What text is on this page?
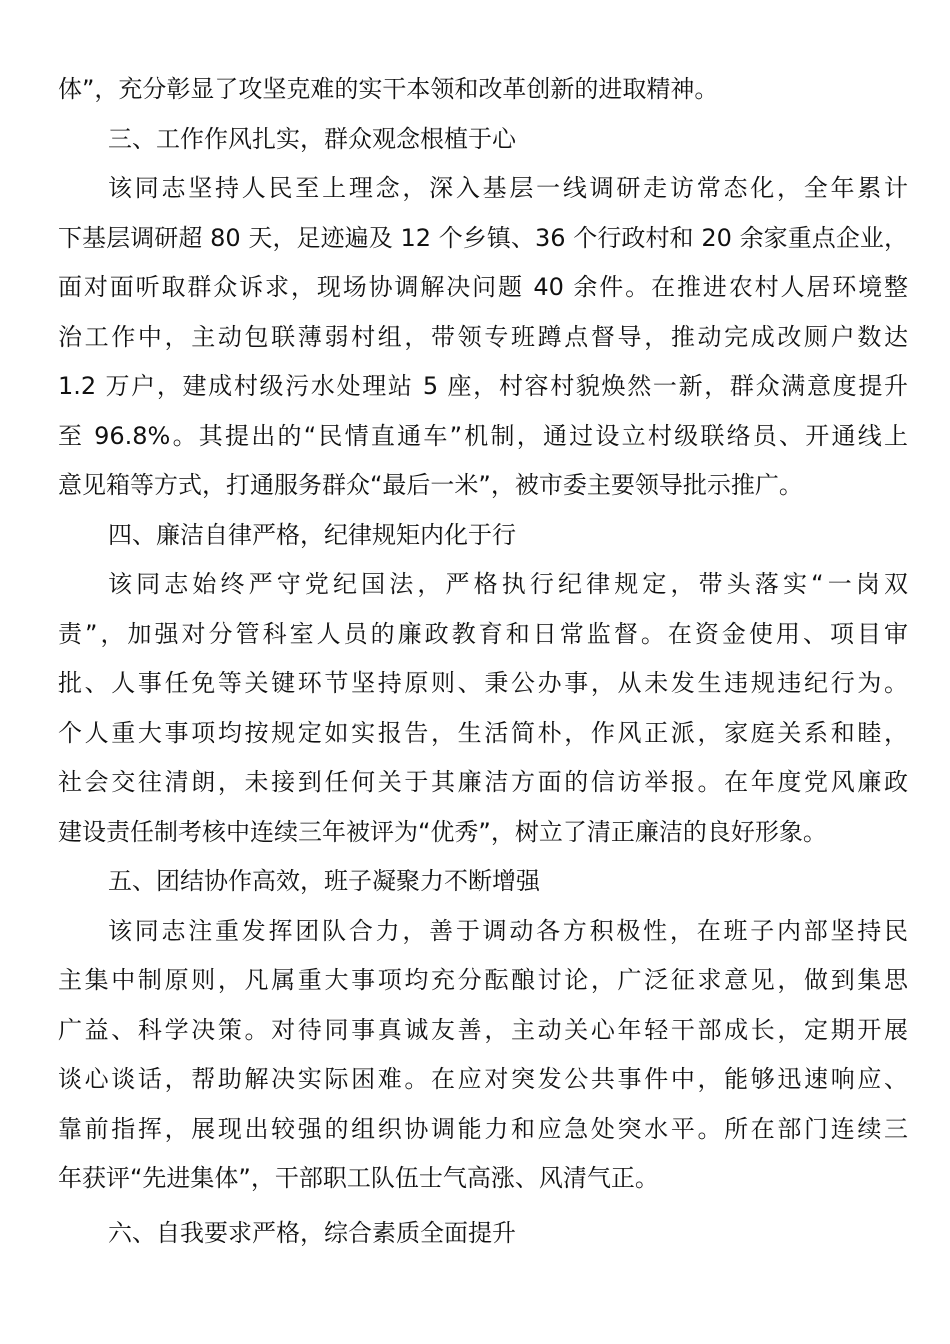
体”，充分彰显了攻坚克难的实干本领和改革创新的进取精神。
三、工作作风扎实，群众观念根植于心
该同志坚持人民至上理念，深入基层一线调研走访常态化，全年累计
下基层调研超 80 天，足迹遍及 12 个乡镇、36 个行政村和 20 余家重点企业，
面对面听取群众诉求，现场协调解决问题 40 余件。在推进农村人居环境整
治工作中，主动包联薄弱村组，带领专班蹲点督导，推动完成改厕户数达
1.2 万户，建成村级污水处理站 5 座，村容村貌焕然一新，群众满意度提升
至 96.8%。其提出的“民情直通车”机制，通过设立村级联络员、开通线上
意见箱等方式，打通服务群众“最后一米”，被市委主要领导批示推广。
四、廉洁自律严格，纪律规矩内化于行
该同志始终严守党纪国法，严格执行纪律规定，带头落实“一岗双
责”，加强对分管科室人员的廉政教育和日常监督。在资金使用、项目审
批、人事任免等关键环节坚持原则、秉公办事，从未发生违规违纪行为。
个人重大事项均按规定如实报告，生活简朴，作风正派，家庭关系和睦，
社会交往清朗，未接到任何关于其廉洁方面的信访举报。在年度党风廉政
建设责任制考核中连续三年被评为“优秀”，树立了清正廉洁的良好形象。
五、团结协作高效，班子凝聚力不断增强
该同志注重发挥团队合力，善于调动各方积极性，在班子内部坚持民
主集中制原则，凡属重大事项均充分酝酿讨论，广泛征求意见，做到集思
广益、科学决策。对待同事真诚友善，主动关心年轻干部成长，定期开展
谈心谈话，帮助解决实际困难。在应对突发公共事件中，能够迅速响应、
靠前指挥，展现出较强的组织协调能力和应急处突水平。所在部门连续三
年获评“先进集体”，干部职工队伍士气高涨、风清气正。
六、自我要求严格，综合素质全面提升
